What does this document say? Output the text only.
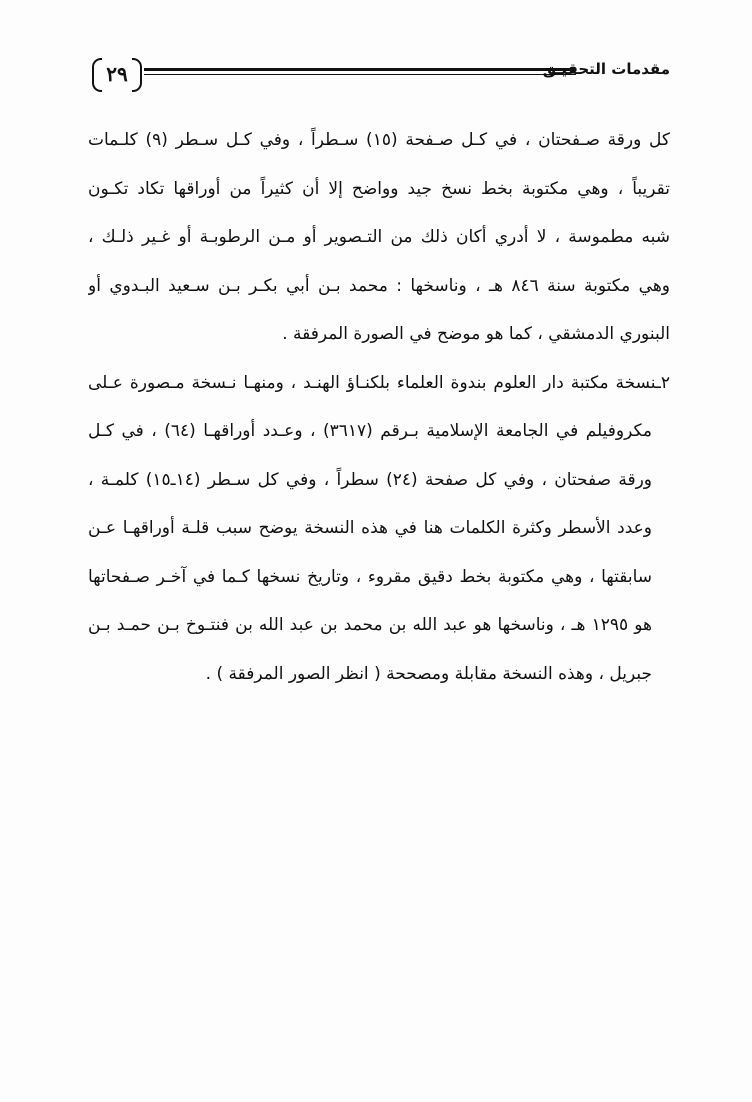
٢٩	مقدمات التحقيـق
كل ورقة صـفحتان ، في كـل صـفحة (١٥) سـطراً ، وفي كـل سـطر (٩) كلـمات
تقريباً ، وهي مكتوبة بخط نسخ جيد وواضح إلا أن كثيراً من أوراقها تكاد تكـون
شبه مطموسة ، لا أدري أكان ذلك من التـصوير أو مـن الرطوبـة أو غـير ذلـك ،
وهي مكتوبة سنة ٨٤٦ هـ ، وناسخها : محمد بـن أبي بكـر بـن سـعيد البـدوي أو
البنوري الدمشقي ، كما هو موضح في الصورة المرفقة .
٢ـنسخة مكتبة دار العلوم بندوة العلماء بلكنـاؤ الهنـد ، ومنهـا نـسخة مـصورة عـلى
مكروفيلم في الجامعة الإسلامية بـرقم (٣٦١٧) ، وعـدد أوراقهـا (٦٤) ، في كـل
ورقة صفحتان ، وفي كل صفحة (٢٤) سطراً ، وفي كل سـطر (١٤ـ١٥) كلمـة ،
وعدد الأسطر وكثرة الكلمات هنا في هذه النسخة يوضح سبب قلـة أوراقهـا عـن
سابقتها ، وهي مكتوبة بخط دقيق مقروء ، وتاريخ نسخها كـما في آخـر صـفحاتها
هو ١٢٩٥ هـ ، وناسخها هو عبد الله بن محمد بن عبد الله بن فنتـوخ بـن حمـد بـن
جبريل ، وهذه النسخة مقابلة ومصححة ( انظر الصور المرفقة ) .
